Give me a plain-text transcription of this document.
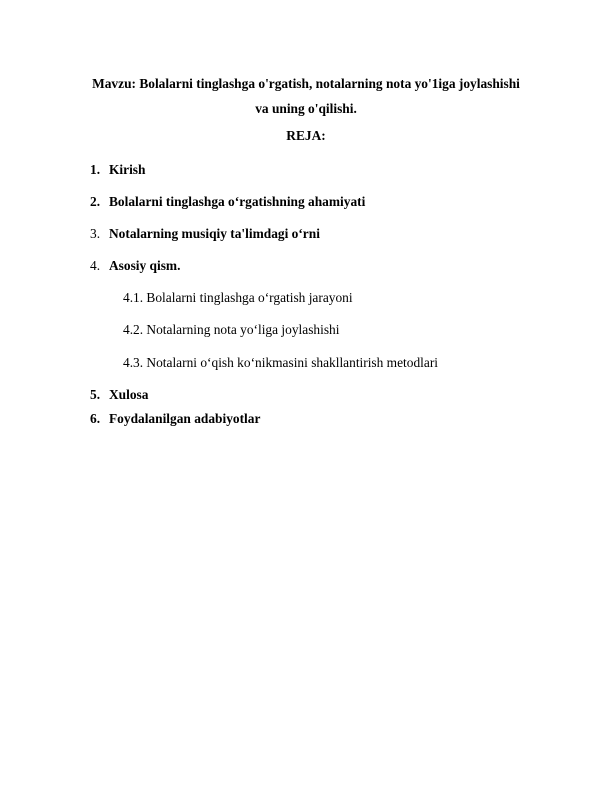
Mavzu: Bolalarni tinglashga o'rgatish, notalarning nota yo'1iga joylashishi
va uning o'qilishi.
REJA:
1. Kirish
2. Bolalarni tinglashga o‘rgatishning ahamiyati
3. Notalarning musiqiy ta'limdagi o‘rni
4. Asosiy qism.
4.1. Bolalarni tinglashga o‘rgatish jarayoni
4.2. Notalarning nota yo‘liga joylashishi
4.3. Notalarni o‘qish ko‘nikmasini shakllantirish metodlari
5. Xulosa
6. Foydalanilgan adabiyotlar
